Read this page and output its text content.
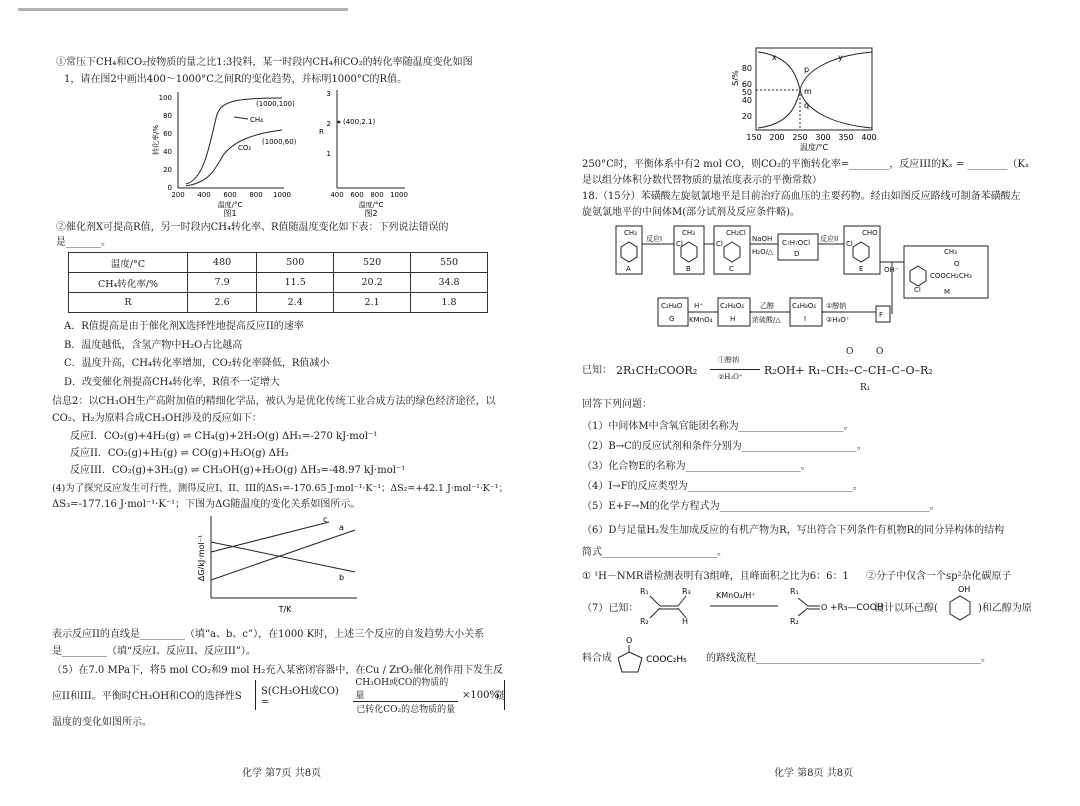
①常压下CH₄和CO₂按物质的量之比1:3投料，某一时段内CH₄和CO₂的转化率随温度变化如图
1，请在图2中画出400～1000°C之间R的变化趋势，并标明1000°C的R值。
0
20
40
60
80
100
200 400 600 800 1000
温度/°C
转化率/%
(1000,100)
CH₄
(1000,60)
CO₂
图1
3
2
1
R
400 600 800 1000
温度/°C
(400,2.1)
图2
②催化剂X可提高R值，另一时段内CH₄转化率、R值随温度变化如下表：下列说法错误的
是_______。
温度/°C	480	500	520	550
CH₄转化率/%	7.9	11.5	20.2	34.8
R	2.6	2.4	2.1	1.8
A．R值提高是由于催化剂X选择性地提高反应II的速率
B．温度越低，含氢产物中H₂O占比越高
C．温度升高，CH₄转化率增加，CO₂转化率降低，R值减小
D．改变催化剂提高CH₄转化率，R值不一定增大
信息2：以CH₃OH生产高附加值的精细化学品，被认为是优化传统工业合成方法的绿色经济途径，以
CO₂、H₂为原料合成CH₃OH涉及的反应如下：
反应I．CO₂(g)+4H₂(g) ⇌ CH₄(g)+2H₂O(g) ΔH₁=-270 kJ·mol⁻¹
反应II．CO₂(g)+H₂(g) ⇌ CO(g)+H₂O(g) ΔH₂
反应III．CO₂(g)+3H₂(g) ⇌ CH₃OH(g)+H₂O(g) ΔH₃=-48.97 kJ·mol⁻¹
(4)为了探究反应发生可行性，测得反应I、II、III的ΔS₁=-170.65 J·mol⁻¹·K⁻¹；ΔS₂=+42.1 J·mol⁻¹·K⁻¹；
ΔS₃=-177.16 J·mol⁻¹·K⁻¹；下图为ΔG随温度的变化关系如图所示。
ΔG/kJ·mol⁻¹
T/K
a
b
c
表示反应II的直线是_________（填“a、b、c”），在1000 K时，上述三个反应的自发趋势大小关系
是_________（填“反应I、反应II、反应III”）。
（5）在7.0 MPa下，将5 mol CO₂和9 mol H₂充入某密闭容器中，在Cu / ZrO₂催化剂作用下发生反
应II和III。平衡时CH₃OH和CO的选择性S S(CH₃OH或CO) =
CH₃OH或CO的物质的量
已转化CO₂的总物质的量
×100%
随
温度的变化如图所示。
化学 第7页 共8页
S/%
20
40
50
60
80
150 200 250 300 350 400
温度/°C
x	y
p
m
q
250°C时，平衡体系中有2 mol CO，则CO₂的平衡转化率=________，反应III的Kₓ = ________（Kₓ
是以组分体积分数代替物质的量浓度表示的平衡常数）
18.（15分）苯磺酸左旋氨氯地平是目前治疗高血压的主要药物。经由如图反应路线可制备苯磺酸左
旋氨氯地平的中间体M(部分试剂及反应条件略)。
CH₃
A
反应I
CH₃
Cl
B
CH₂Cl
Cl
C
NaOH
H₂O/△
C₇H₇OCl
D
反应II
CHO
Cl
E	OH⁻
CH₃
O
COOCH₂CH₃
Cl	M
F
C₂H₄O
G
H⁺
KMnO₄
C₂H₄O₂
H
乙醇
浓硫酸/△
C₄H₈O₂
I
①醇钠
②H₃O⁺
已知： 2R₁CH₂COOR₂
①醇钠
②H₃O⁺ R₂OH+ R₁–CH₂–C–CH–C–O–R₂
O	O
R₁
回答下列问题：
（1）中间体M中含氧官能团名称为_____________________。
（2）B→C的反应试剂和条件分别为_______________________。
（3）化合物E的名称为_______________________。
（4）I→F的反应类型为_________________________________。
（5）E+F→M的化学方程式为__________________________________________。
（6）D与足量H₂发生加成反应的有机产物为R，写出符合下列条件有机物R的同分异构体的结构
简式_______________________。
① ¹H－NMR谱检测表明有3组峰，且峰面积之比为6：6：1 ②分子中仅含一个sp²杂化碳原子
（7）已知：
R₁
R₂
R₃
H
KMnO₄/H⁺	R₁
R₂
O +R₃—COOH
设计以环己醇(
OH
)和乙醇为原
料合成
O
COOC₂H₅ 的路线流程_____________________________________________。
化学 第8页 共8页
